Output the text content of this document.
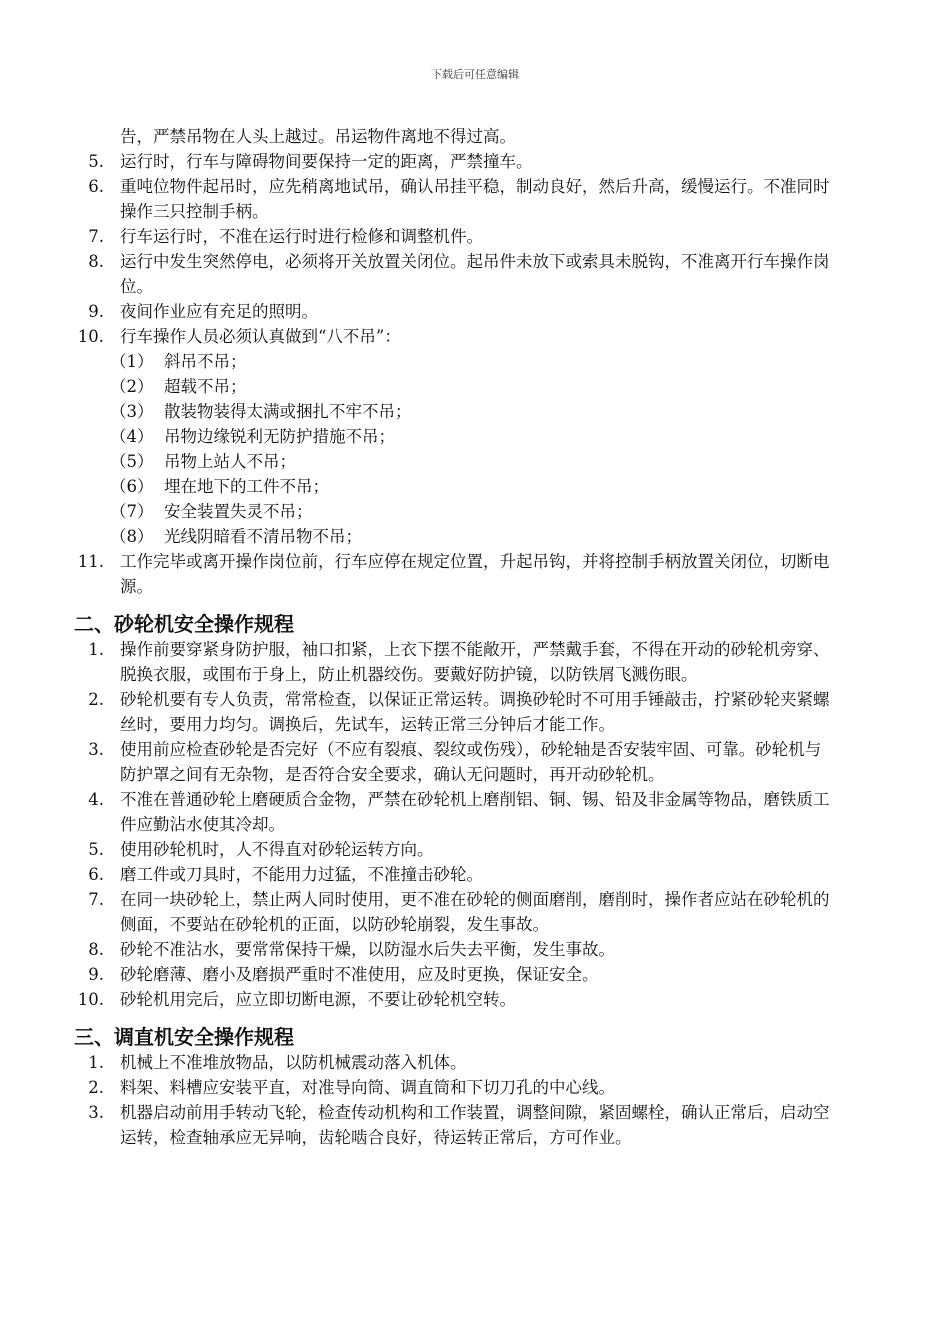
下载后可任意编辑
告，严禁吊物在人头上越过。吊运物件离地不得过高。
5. 运行时，行车与障碍物间要保持一定的距离，严禁撞车。
6. 重吨位物件起吊时，应先稍离地试吊，确认吊挂平稳，制动良好，然后升高，缓慢运行。不准同时操作三只控制手柄。
7. 行车运行时，不准在运行时进行检修和调整机件。
8. 运行中发生突然停电，必须将开关放置关闭位。起吊件未放下或索具未脱钩，不准离开行车操作岗位。
9. 夜间作业应有充足的照明。
10. 行车操作人员必须认真做到“八不吊”：
（1） 斜吊不吊；
（2） 超载不吊；
（3） 散装物装得太满或捆扎不牢不吊；
（4） 吊物边缘锐利无防护措施不吊；
（5） 吊物上站人不吊；
（6） 埋在地下的工件不吊；
（7） 安全装置失灵不吊；
（8） 光线阴暗看不清吊物不吊；
11. 工作完毕或离开操作岗位前，行车应停在规定位置，升起吊钩，并将控制手柄放置关闭位，切断电源。
二、砂轮机安全操作规程
1. 操作前要穿紧身防护服，袖口扣紧，上衣下摆不能敞开，严禁戴手套，不得在开动的砂轮机旁穿、脱换衣服，或围布于身上，防止机器绞伤。要戴好防护镜，以防铁屑飞溅伤眼。
2. 砂轮机要有专人负责，常常检查，以保证正常运转。调换砂轮时不可用手锤敲击，拧紧砂轮夹紧螺丝时，要用力均匀。调换后，先试车，运转正常三分钟后才能工作。
3. 使用前应检查砂轮是否完好（不应有裂痕、裂纹或伤残），砂轮轴是否安装牢固、可靠。砂轮机与防护罩之间有无杂物，是否符合安全要求，确认无问题时，再开动砂轮机。
4. 不准在普通砂轮上磨硬质合金物，严禁在砂轮机上磨削铝、铜、锡、铅及非金属等物品，磨铁质工件应勤沾水使其冷却。
5. 使用砂轮机时，人不得直对砂轮运转方向。
6. 磨工件或刀具时，不能用力过猛，不准撞击砂轮。
7. 在同一块砂轮上，禁止两人同时使用，更不准在砂轮的侧面磨削，磨削时，操作者应站在砂轮机的侧面，不要站在砂轮机的正面，以防砂轮崩裂，发生事故。
8. 砂轮不准沾水，要常常保持干燥，以防湿水后失去平衡，发生事故。
9. 砂轮磨薄、磨小及磨损严重时不准使用，应及时更换，保证安全。
10. 砂轮机用完后，应立即切断电源，不要让砂轮机空转。
三、调直机安全操作规程
1. 机械上不准堆放物品，以防机械震动落入机体。
2. 料架、料槽应安装平直，对准导向筒、调直筒和下切刀孔的中心线。
3. 机器启动前用手转动飞轮，检查传动机构和工作装置，调整间隙，紧固螺栓，确认正常后，启动空运转，检查轴承应无异响，齿轮啮合良好，待运转正常后，方可作业。
